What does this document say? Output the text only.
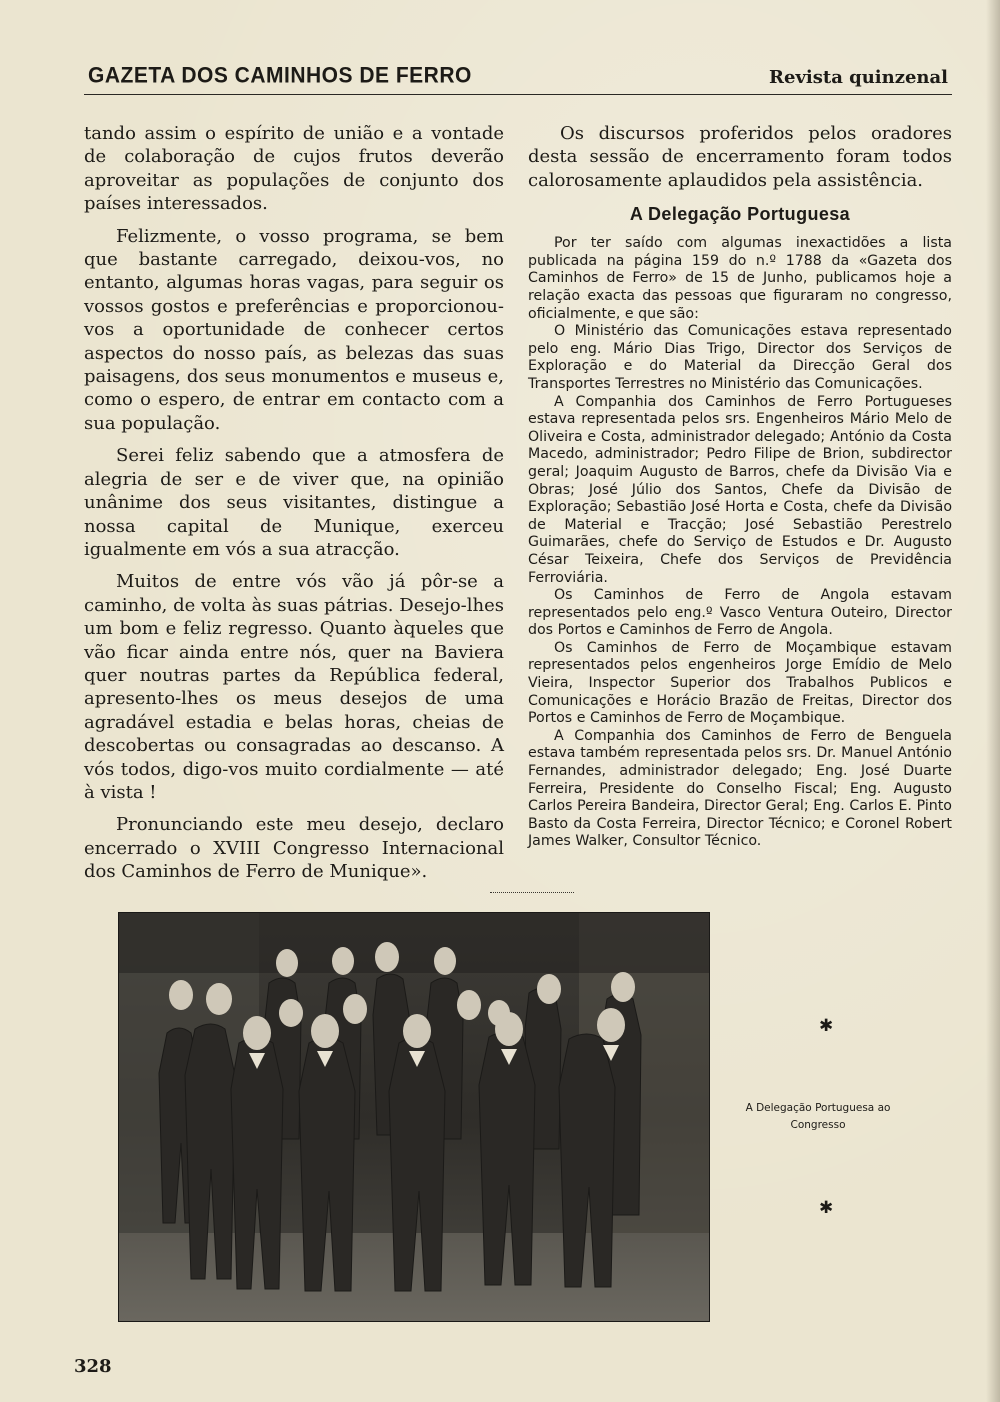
GAZETA DOS CAMINHOS DE FERRO	Revista quinzenal

tando assim o espírito de união e a vontade de colaboração de cujos frutos deverão aproveitar as populações de conjunto dos países interessados.

Felizmente, o vosso programa, se bem que bastante carregado, deixou-vos, no entanto, algumas horas vagas, para seguir os vossos gostos e preferências e proporcionou-vos a oportunidade de conhecer certos aspectos do nosso país, as belezas das suas paisagens, dos seus monumentos e museus e, como o espero, de entrar em contacto com a sua população.

Serei feliz sabendo que a atmosfera de alegria de ser e de viver que, na opinião unânime dos seus visitantes, distingue a nossa capital de Munique, exerceu igualmente em vós a sua atracção.

Muitos de entre vós vão já pôr-se a caminho, de volta às suas pátrias. Desejo-lhes um bom e feliz regresso. Quanto àqueles que vão ficar ainda entre nós, quer na Baviera quer noutras partes da República federal, apresento-lhes os meus desejos de uma agradável estadia e belas horas, cheias de descobertas ou consagradas ao descanso. A vós todos, digo-vos muito cordialmente — até à vista !

Pronunciando este meu desejo, declaro encerrado o XVIII Congresso Internacional dos Caminhos de Ferro de Munique».

Os discursos proferidos pelos oradores desta sessão de encerramento foram todos calorosamente aplaudidos pela assistência.

A Delegação Portuguesa

Por ter saído com algumas inexactidões a lista publicada na página 159 do n.º 1788 da «Gazeta dos Caminhos de Ferro» de 15 de Junho, publicamos hoje a relação exacta das pessoas que figuraram no congresso, oficialmente, e que são:

O Ministério das Comunicações estava representado pelo eng. Mário Dias Trigo, Director dos Serviços de Exploração e do Material da Direcção Geral dos Transportes Terrestres no Ministério das Comunicações.

A Companhia dos Caminhos de Ferro Portugueses estava representada pelos srs. Engenheiros Mário Melo de Oliveira e Costa, administrador delegado; António da Costa Macedo, administrador; Pedro Filipe de Brion, subdirector geral; Joaquim Augusto de Barros, chefe da Divisão Via e Obras; José Júlio dos Santos, Chefe da Divisão de Exploração; Sebastião José Horta e Costa, chefe da Divisão de Material e Tracção; José Sebastião Perestrelo Guimarães, chefe do Serviço de Estudos e Dr. Augusto César Teixeira, Chefe dos Serviços de Previdência Ferroviária.

Os Caminhos de Ferro de Angola estavam representados pelo eng.º Vasco Ventura Outeiro, Director dos Portos e Caminhos de Ferro de Angola.

Os Caminhos de Ferro de Moçambique estavam representados pelos engenheiros Jorge Emídio de Melo Vieira, Inspector Superior dos Trabalhos Publicos e Comunicações e Horácio Brazão de Freitas, Director dos Portos e Caminhos de Ferro de Moçambique.

A Companhia dos Caminhos de Ferro de Benguela estava também representada pelos srs. Dr. Manuel António Fernandes, administrador delegado; Eng. José Duarte Ferreira, Presidente do Conselho Fiscal; Eng. Augusto Carlos Pereira Bandeira, Director Geral; Eng. Carlos E. Pinto Basto da Costa Ferreira, Director Técnico; e Coronel Robert James Walker, Consultor Técnico.

✱
A Delegação Portuguesa ao
Congresso
✱
328
